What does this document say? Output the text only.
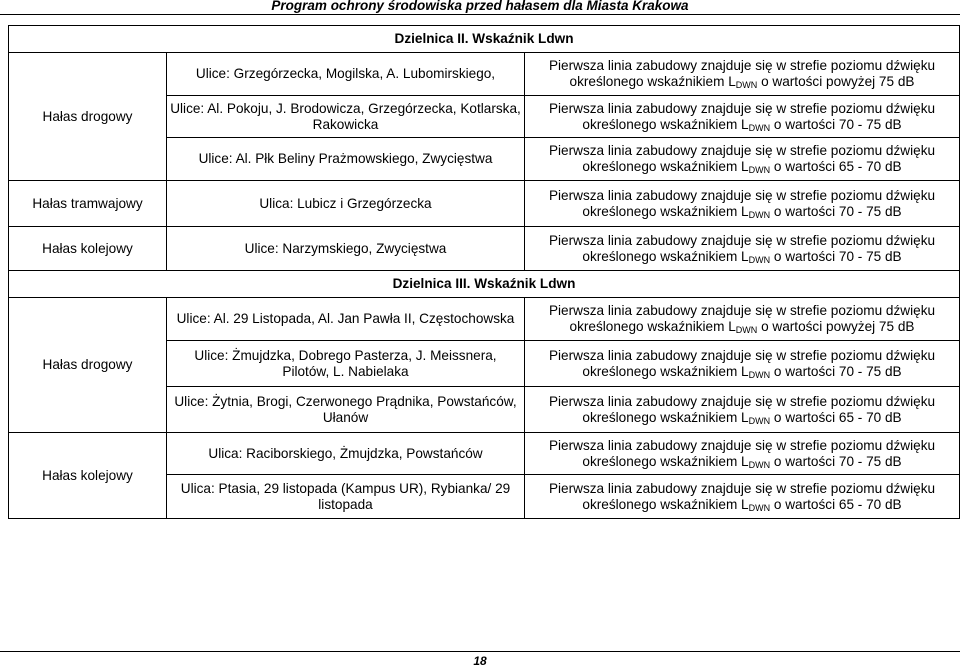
Program ochrony środowiska przed hałasem dla Miasta Krakowa
Dzielnica II. Wskaźnik Ldwn		
Hałas drogowy	Ulice: Grzegórzecka, Mogilska, A. Lubomirskiego,	Pierwsza linia zabudowy znajduje się w strefie poziomu dźwięku
określonego wskaźnikiem $L_{DWN}$ o wartości powyżej 75 dB
	Ulice: Al. Pokoju, J. Brodowicza, Grzegórzecka, Kotlarska, Rakowicka	Pierwsza linia zabudowy znajduje się w strefie poziomu dźwięku
określonego wskaźnikiem $L_{DWN}$ o wartości 70 - 75 dB
	Ulice: Al. Płk Beliny Prażmowskiego, Zwycięstwa	Pierwsza linia zabudowy znajduje się w strefie poziomu dźwięku
określonego wskaźnikiem $L_{DWN}$ o wartości 65 - 70 dB
Hałas tramwajowy	Ulica: Lubicz i Grzegórzecka	Pierwsza linia zabudowy znajduje się w strefie poziomu dźwięku
określonego wskaźnikiem $L_{DWN}$ o wartości 70 - 75 dB
Hałas kolejowy	Ulice: Narzymskiego, Zwycięstwa	Pierwsza linia zabudowy znajduje się w strefie poziomu dźwięku
określonego wskaźnikiem $L_{DWN}$ o wartości 70 - 75 dB
Dzielnica III. Wskaźnik Ldwn		
Hałas drogowy	Ulice: Al. 29 Listopada, Al. Jan Pawła II, Częstochowska	Pierwsza linia zabudowy znajduje się w strefie poziomu dźwięku
określonego wskaźnikiem $L_{DWN}$ o wartości powyżej 75 dB
	Ulice: Żmujdzka, Dobrego Pasterza, J. Meissnera, Pilotów, L. Nabielaka	Pierwsza linia zabudowy znajduje się w strefie poziomu dźwięku
określonego wskaźnikiem $L_{DWN}$ o wartości 70 - 75 dB
	Ulice: Żytnia, Brogi, Czerwonego Prądnika, Powstańców, Ułanów	Pierwsza linia zabudowy znajduje się w strefie poziomu dźwięku
określonego wskaźnikiem $L_{DWN}$ o wartości 65 - 70 dB
Hałas kolejowy	Ulica: Raciborskiego, Żmujdzka, Powstańców	Pierwsza linia zabudowy znajduje się w strefie poziomu dźwięku
określonego wskaźnikiem $L_{DWN}$ o wartości 70 - 75 dB
	Ulica: Ptasia, 29 listopada (Kampus UR), Rybianka/ 29 listopada	Pierwsza linia zabudowy znajduje się w strefie poziomu dźwięku
określonego wskaźnikiem $L_{DWN}$ o wartości 65 - 70 dB
18
